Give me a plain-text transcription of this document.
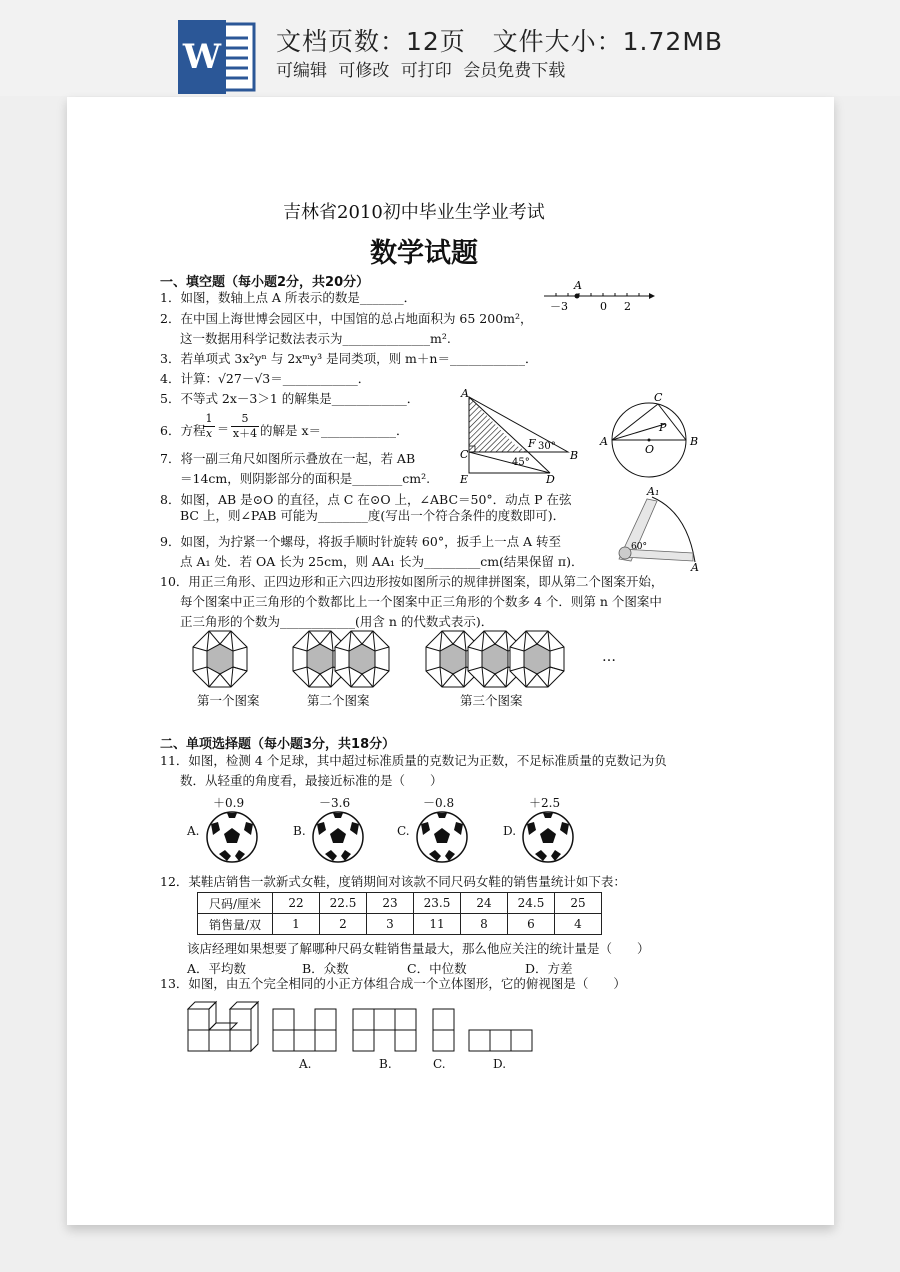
W 文档页数：12页   文件大小：1.72MB
可编辑 可修改 可打印 会员免费下载
吉林省2010初中毕业生学业考试
数学试题
一、填空题（每小题2分，共20分）
1．如图，数轴上点 A 所表示的数是_______．
A
－3	0 2
2．在中国上海世博会园区中，中国馆的总占地面积为 65 200m²，
这一数据用科学记数法表示为______________m².
3．若单项式 3x²yⁿ 与 2xᵐy³ 是同类项，则 m＋n＝____________．
4．计算：√27－√3＝____________．
5．不等式 2x－3＞1 的解集是____________．
6．方程
1
x ＝
5
x＋4 的解是 x＝____________．
A
C
F 30°
B
45°
E	D
C
P
A
O
B
7．将一副三角尺如图所示叠放在一起，若 AB
＝14cm，则阴影部分的面积是________cm².
8．如图，AB 是⊙O 的直径，点 C 在⊙O 上，∠ABC＝50°．动点 P 在弦
BC 上，则∠PAB 可能为________度(写出一个符合条件的度数即可)．
A₁
60°
A
9．如图，为拧紧一个螺母，将扳手顺时针旋转 60°，扳手上一点 A 转至
点 A₁ 处．若 OA 长为 25cm，则 AA₁ 长为_________cm(结果保留 π)．
10．用正三角形、正四边形和正六四边形按如图所示的规律拼图案，即从第二个图案开始，
每个图案中正三角形的个数都比上一个图案中正三角形的个数多 4 个．则第 n 个图案中
正三角形的个数为____________(用含 n 的代数式表示)．
…
第一个图案	第二个图案	第三个图案
二、单项选择题（每小题3分，共18分）
11．如图，检测 4 个足球，其中超过标准质量的克数记为正数，不足标准质量的克数记为负
数．从轻重的角度看，最接近标准的是（　　）
＋0.9	－3.6	－0.8	＋2.5
A.	B.	C.	D.
12．某鞋店销售一款新式女鞋，度销期间对该款不同尺码女鞋的销售量统计如下表：
尺码/厘米	22	22.5	23	23.5	24	24.5	25
销售量/双	1	2	3	11	8	6	4
该店经理如果想要了解哪种尺码女鞋销售量最大，那么他应关注的统计量是（　　）
A．平均数	B．众数	C．中位数	D．方差
13．如图，由五个完全相同的小正方体组合成一个立体图形，它的俯视图是（　　）
A.	B.	C.	D.
